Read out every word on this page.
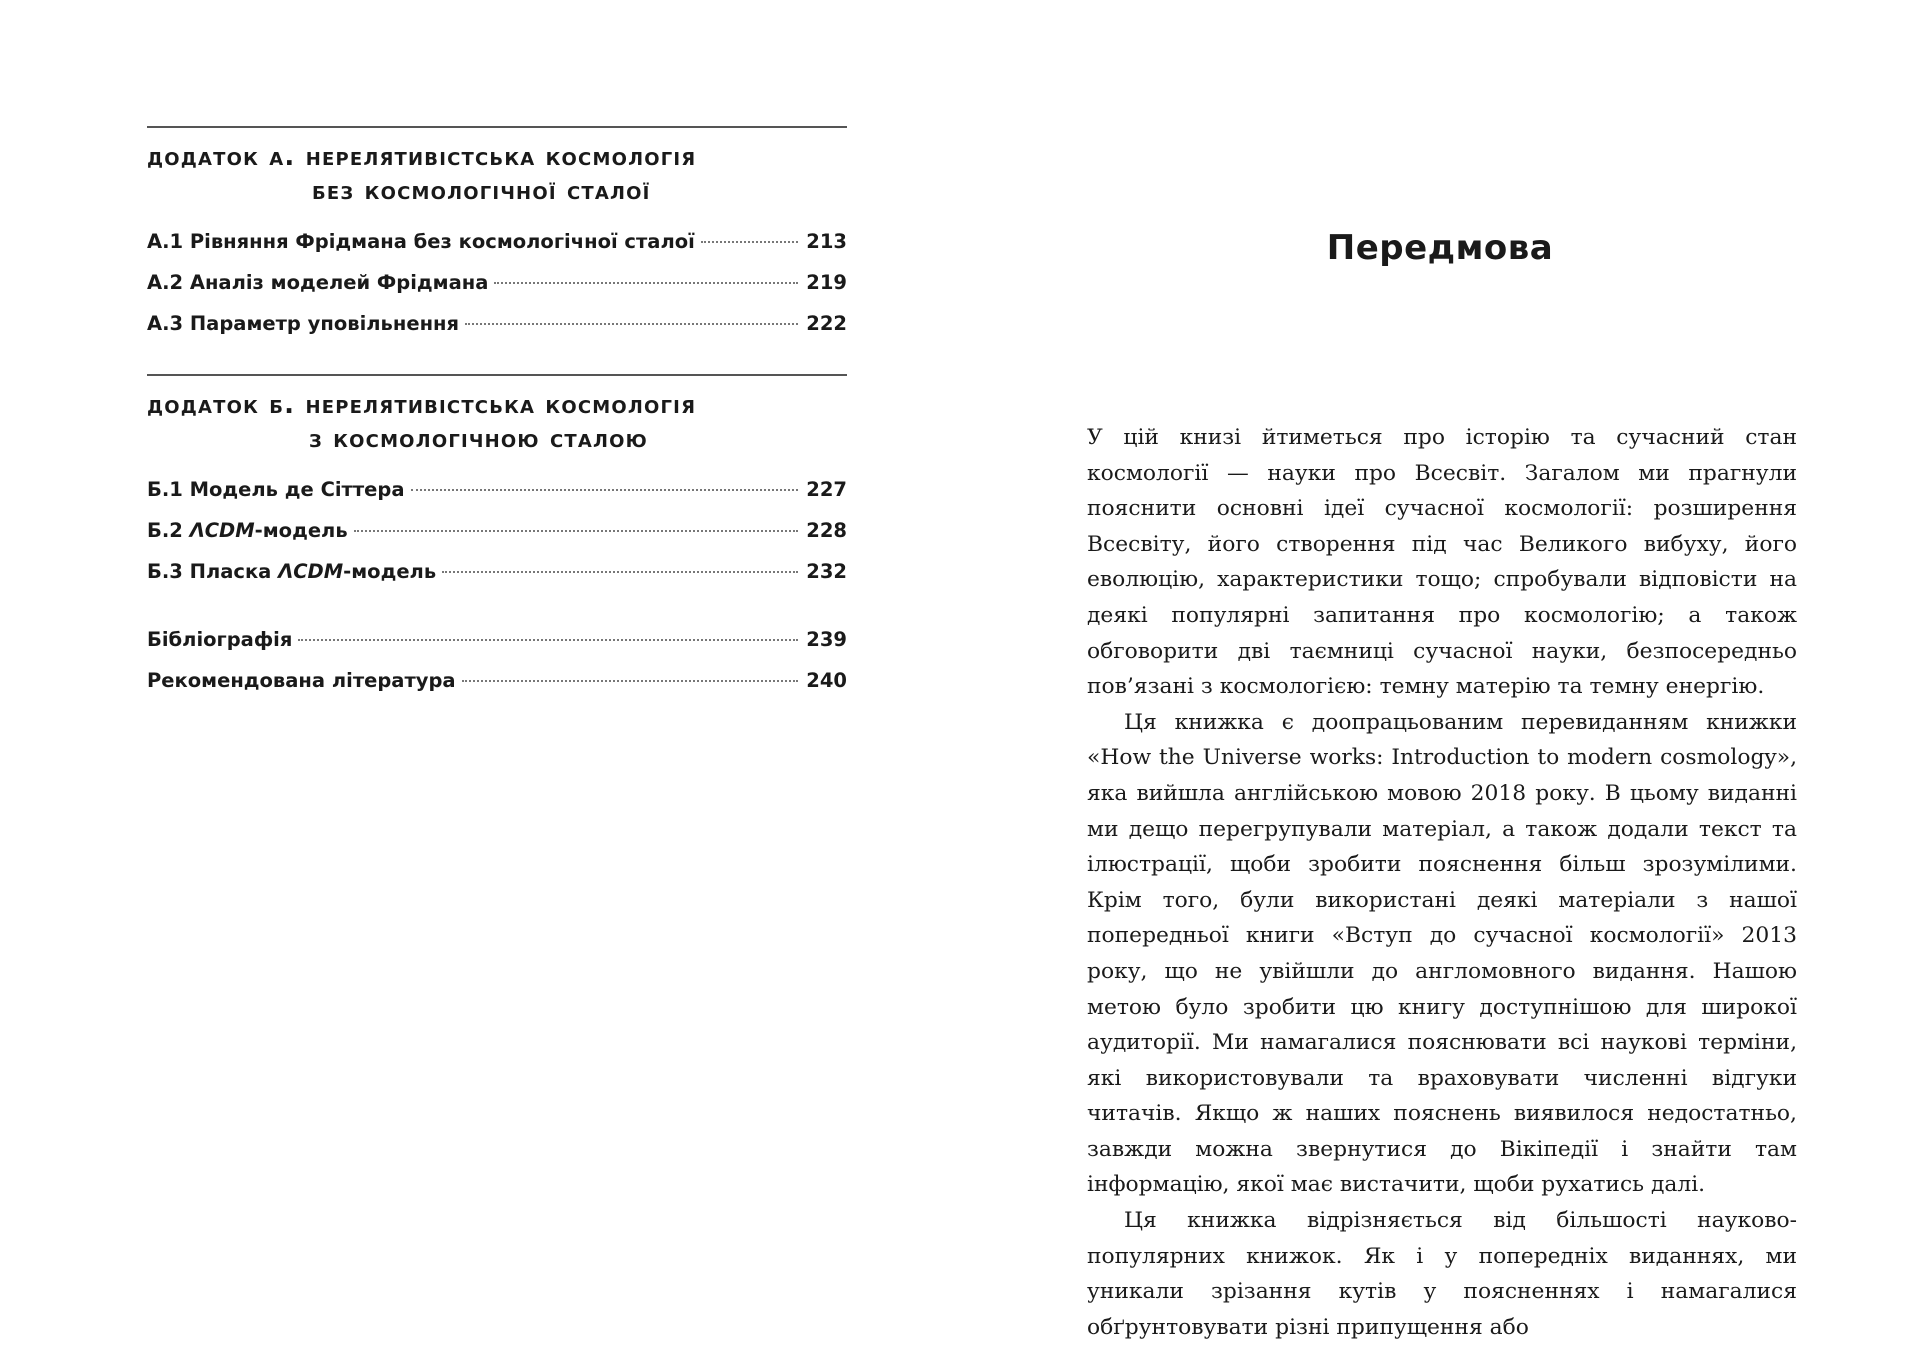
додаток а. нерелятивістська космологія
без космологічної сталої
А.1 Рівняння Фрідмана без космологічної сталої	213
А.2 Аналіз моделей Фрідмана	219
А.3 Параметр уповільнення	222
додаток б. нерелятивістська космологія
з космологічною сталою
Б.1 Модель де Сіттера	227
Б.2 ΛCDM-модель	228
Б.3 Пласка ΛCDM-модель	232
Бібліографія	239
Рекомендована література	240
Передмова

У цій книзі йтиметься про історію та сучасний стан космології — науки про Всесвіт. Загалом ми прагнули пояснити основні ідеї сучасної космології: розширення Всесвіту, його створення під час Великого вибуху, його еволюцію, характеристики тощо; спробували відповісти на деякі популярні запитання про космологію; а також обговорити дві таємниці сучасної науки, безпосередньо пов’язані з космологією: темну матерію та темну енергію.

Ця книжка є доопрацьованим перевиданням книжки «How the Universe works: Introduction to modern cosmology», яка вийшла англійською мовою 2018 року. В цьому виданні ми дещо перегрупували матеріал, а також додали текст та ілюстрації, щоби зробити пояснення більш зрозумілими. Крім того, були використані деякі матеріали з нашої попередньої книги «Вступ до сучасної космології» 2013 року, що не увійшли до англомовного видання. Нашою метою було зробити цю книгу доступнішою для широкої аудиторії. Ми намагалися пояснювати всі наукові терміни, які використовували та враховувати численні відгуки читачів. Якщо ж наших пояснень виявилося недостатньо, завжди можна звернутися до Вікіпедії і знайти там інформацію, якої має вистачити, щоби рухатись далі.

Ця книжка відрізняється від більшості науково-популярних книжок. Як і у попередніх виданнях, ми уникали зрізання кутів у поясненнях і намагалися обґрунтовувати різні припущення або
